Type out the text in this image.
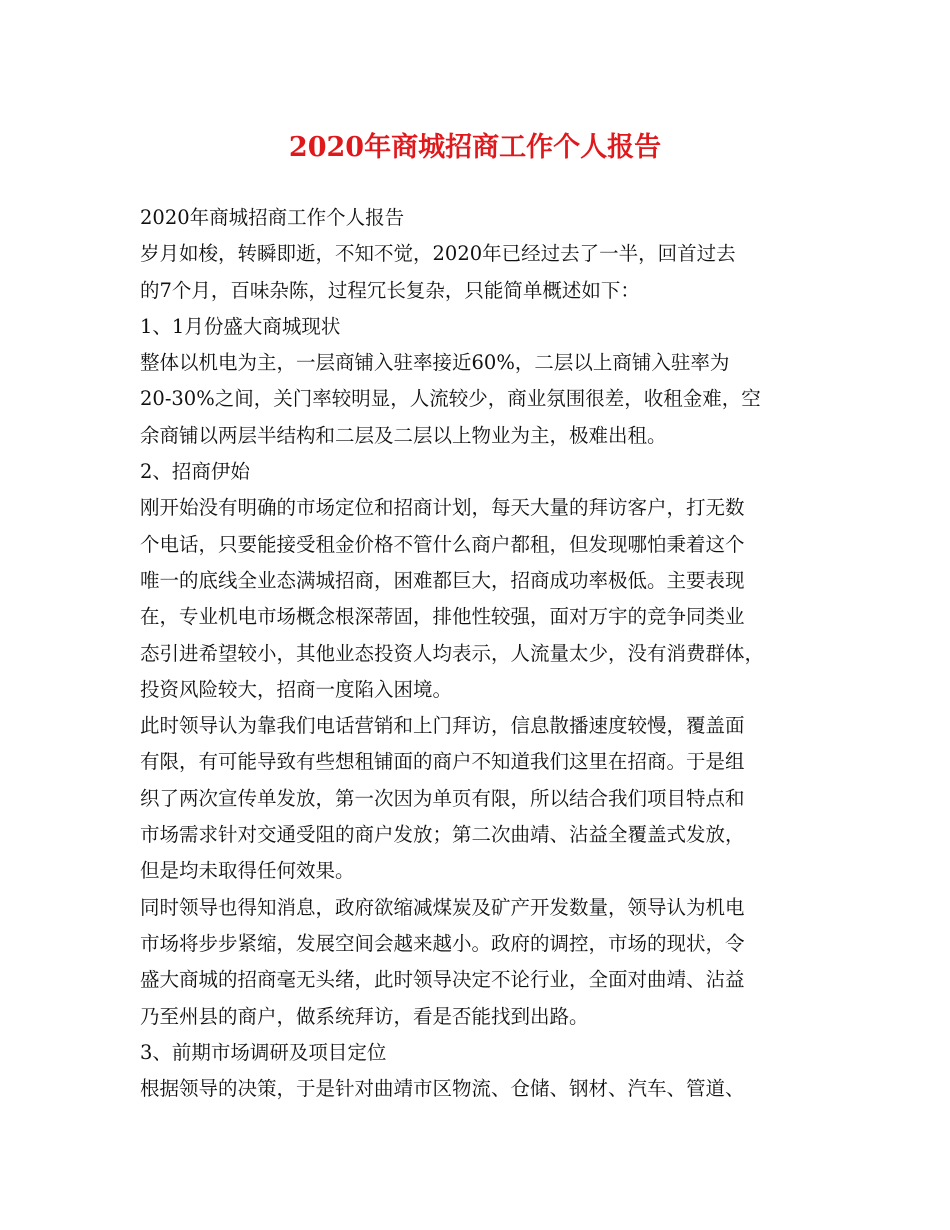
2020年商城招商工作个人报告
2020年商城招商工作个人报告
岁月如梭，转瞬即逝，不知不觉，2020年已经过去了一半，回首过去
的7个月，百味杂陈，过程冗长复杂，只能简单概述如下：
1、1月份盛大商城现状
整体以机电为主，一层商铺入驻率接近60%，二层以上商铺入驻率为
20-30%之间，关门率较明显，人流较少，商业氛围很差，收租金难，空
余商铺以两层半结构和二层及二层以上物业为主，极难出租。
2、招商伊始
刚开始没有明确的市场定位和招商计划，每天大量的拜访客户，打无数
个电话，只要能接受租金价格不管什么商户都租，但发现哪怕秉着这个
唯一的底线全业态满城招商，困难都巨大，招商成功率极低。主要表现
在，专业机电市场概念根深蒂固，排他性较强，面对万宇的竞争同类业
态引进希望较小，其他业态投资人均表示，人流量太少，没有消费群体，
投资风险较大，招商一度陷入困境。
此时领导认为靠我们电话营销和上门拜访，信息散播速度较慢，覆盖面
有限，有可能导致有些想租铺面的商户不知道我们这里在招商。于是组
织了两次宣传单发放，第一次因为单页有限，所以结合我们项目特点和
市场需求针对交通受阻的商户发放；第二次曲靖、沾益全覆盖式发放，
但是均未取得任何效果。
同时领导也得知消息，政府欲缩减煤炭及矿产开发数量，领导认为机电
市场将步步紧缩，发展空间会越来越小。政府的调控，市场的现状，令
盛大商城的招商毫无头绪，此时领导决定不论行业，全面对曲靖、沾益
乃至州县的商户，做系统拜访，看是否能找到出路。
3、前期市场调研及项目定位
根据领导的决策，于是针对曲靖市区物流、仓储、钢材、汽车、管道、
